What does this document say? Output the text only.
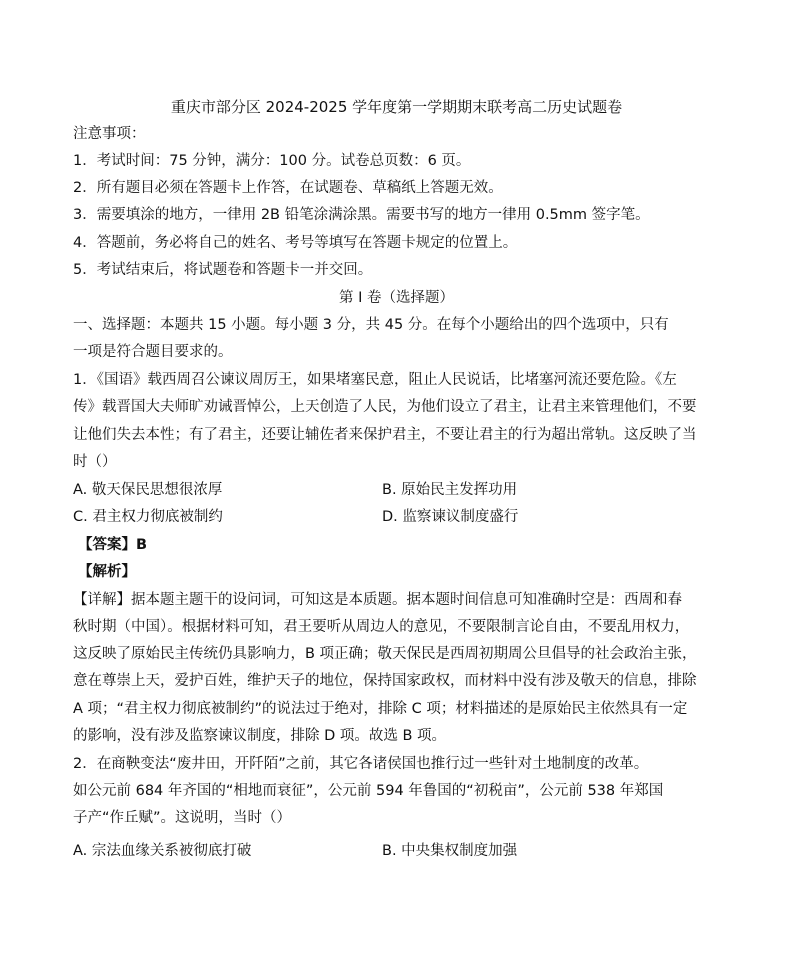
重庆市部分区 2024-2025 学年度第一学期期末联考高二历史试题卷
注意事项：
1．考试时间：75 分钟，满分：100 分。试卷总页数：6 页。
2．所有题目必须在答题卡上作答，在试题卷、草稿纸上答题无效。
3．需要填涂的地方，一律用 2B 铅笔涂满涂黑。需要书写的地方一律用 0.5mm 签字笔。
4．答题前，务必将自己的姓名、考号等填写在答题卡规定的位置上。
5．考试结束后，将试题卷和答题卡一并交回。
第 I 卷（选择题）
一、选择题：本题共 15 小题。每小题 3 分，共 45 分。在每个小题给出的四个选项中，只有
一项是符合题目要求的。
1．《国语》载西周召公谏议周厉王，如果堵塞民意，阻止人民说话，比堵塞河流还要危险。《左
传》载晋国大夫师旷劝诫晋悼公，上天创造了人民，为他们设立了君主，让君主来管理他们，不要
让他们失去本性；有了君主，还要让辅佐者来保护君主，不要让君主的行为超出常轨。这反映了当
时（）
A. 敬天保民思想很浓厚	B. 原始民主发挥功用
C. 君主权力彻底被制约	D. 监察谏议制度盛行
【答案】B
【解析】
【详解】据本题主题干的设问词，可知这是本质题。据本题时间信息可知准确时空是：西周和春
秋时期（中国）。根据材料可知，君王要听从周边人的意见，不要限制言论自由，不要乱用权力，
这反映了原始民主传统仍具影响力，B 项正确；敬天保民是西周初期周公旦倡导的社会政治主张，
意在尊崇上天，爱护百姓，维护天子的地位，保持国家政权，而材料中没有涉及敬天的信息，排除
A 项；“君主权力彻底被制约”的说法过于绝对，排除 C 项；材料描述的是原始民主依然具有一定
的影响，没有涉及监察谏议制度，排除 D 项。故选 B 项。
2．在商鞅变法“废井田，开阡陌”之前，其它各诸侯国也推行过一些针对土地制度的改革。
如公元前 684 年齐国的“相地而衰征”，公元前 594 年鲁国的“初税亩”，公元前 538 年郑国
子产“作丘赋”。这说明，当时（）
A. 宗法血缘关系被彻底打破	B. 中央集权制度加强
